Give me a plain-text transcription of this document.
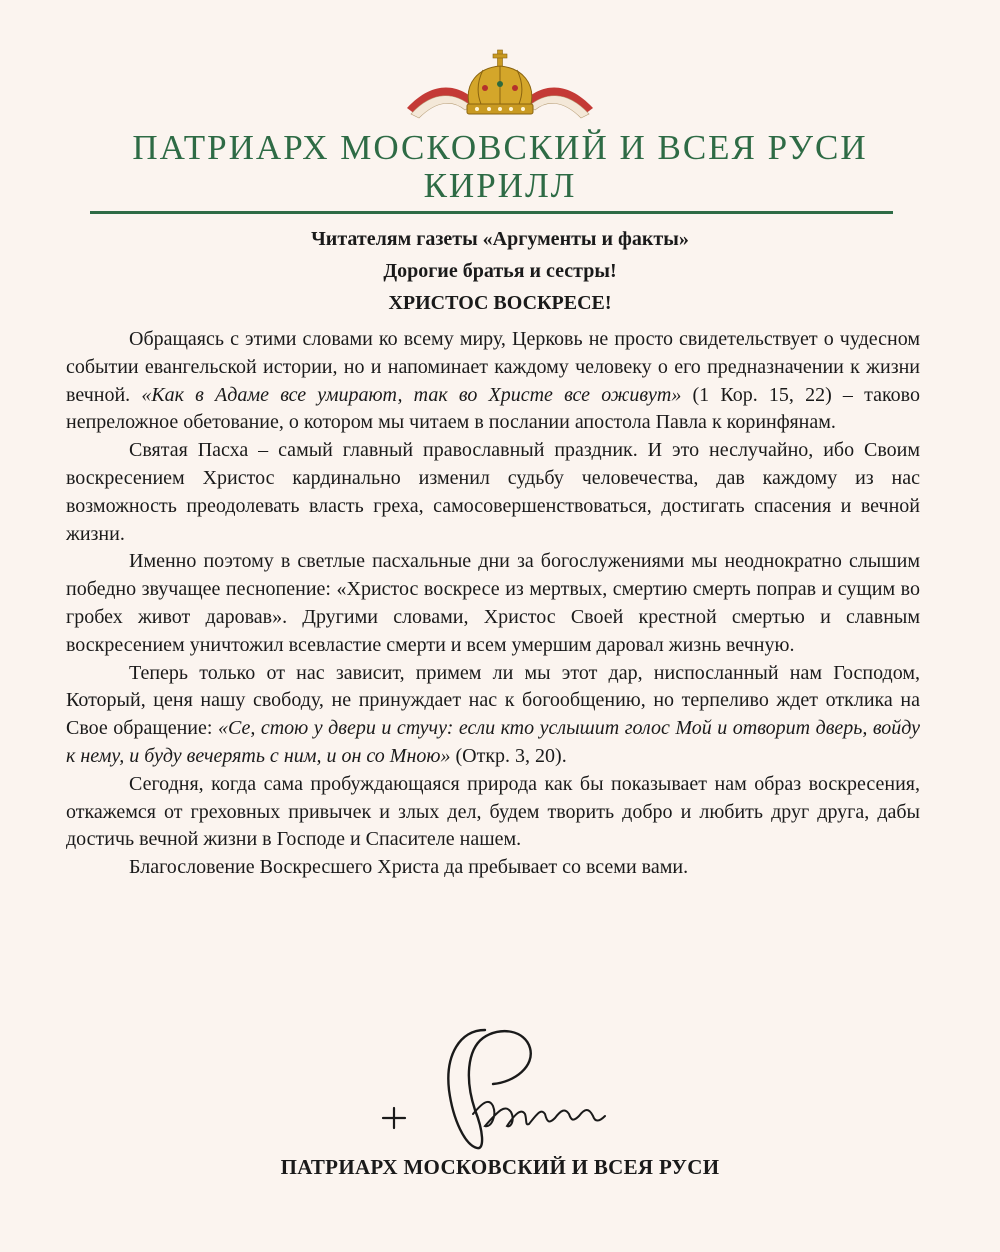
ПАТРИАРХ МОСКОВСКИЙ И ВСЕЯ РУСИ
КИРИЛЛ
Читателям газеты «Аргументы и факты»
Дорогие братья и сестры!
ХРИСТОС ВОСКРЕСЕ!

Обращаясь с этими словами ко всему миру, Церковь не просто свидетельствует о чудесном событии евангельской истории, но и напоминает каждому человеку о его предназначении к жизни вечной. «Как в Адаме все умирают, так во Христе все оживут» (1 Кор. 15, 22) – таково непреложное обетование, о котором мы читаем в послании апостола Павла к коринфянам.

Святая Пасха – самый главный православный праздник. И это неслучайно, ибо Своим воскресением Христос кардинально изменил судьбу человечества, дав каждому из нас возможность преодолевать власть греха, самосовершенствоваться, достигать спасения и вечной жизни.

Именно поэтому в светлые пасхальные дни за богослужениями мы неоднократно слышим победно звучащее песнопение: «Христос воскресе из мертвых, смертию смерть поправ и сущим во гробех живот даровав». Другими словами, Христос Своей крестной смертью и славным воскресением уничтожил всевластие смерти и всем умершим даровал жизнь вечную.

Теперь только от нас зависит, примем ли мы этот дар, ниспосланный нам Господом, Который, ценя нашу свободу, не принуждает нас к богообщению, но терпеливо ждет отклика на Свое обращение: «Се, стою у двери и стучу: если кто услышит голос Мой и отворит дверь, войду к нему, и буду вечерять с ним, и он со Мною» (Откр. 3, 20).

Сегодня, когда сама пробуждающаяся природа как бы показывает нам образ воскресения, откажемся от греховных привычек и злых дел, будем творить добро и любить друг друга, дабы достичь вечной жизни в Господе и Спасителе нашем.

Благословение Воскресшего Христа да пребывает со всеми вами.

ПАТРИАРХ МОСКОВСКИЙ И ВСЕЯ РУСИ
